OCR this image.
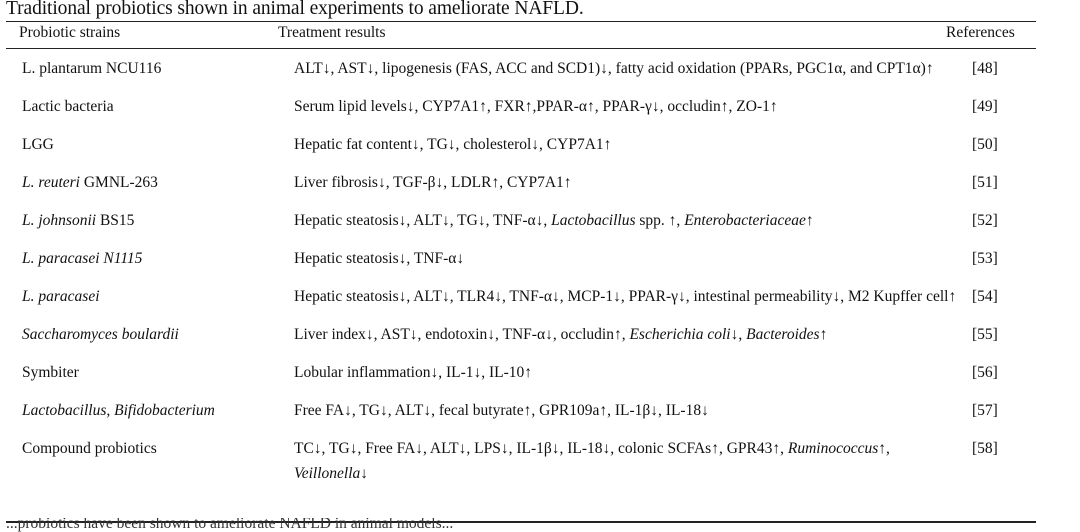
Traditional probiotics shown in animal experiments to ameliorate NAFLD.
Probiotic strains	Treatment results	References
L. plantarum NCU116	ALT↓, AST↓, lipogenesis (FAS, ACC and SCD1)↓, fatty acid oxidation (PPARs, PGC1α, and CPT1α)↑	[48]
Lactic bacteria	Serum lipid levels↓, CYP7A1↑, FXR↑,PPAR-α↑, PPAR-γ↓, occludin↑, ZO-1↑	[49]
LGG	Hepatic fat content↓, TG↓, cholesterol↓, CYP7A1↑	[50]
L. reuteri GMNL-263	Liver fibrosis↓, TGF-β↓, LDLR↑, CYP7A1↑	[51]
L. johnsonii BS15	Hepatic steatosis↓, ALT↓, TG↓, TNF-α↓, Lactobacillus spp. ↑, Enterobacteriaceae↑	[52]
L. paracasei N1115	Hepatic steatosis↓, TNF-α↓	[53]
L. paracasei	Hepatic steatosis↓, ALT↓, TLR4↓, TNF-α↓, MCP-1↓, PPAR-γ↓, intestinal permeability↓, M2 Kupffer cell↑	[54]
Saccharomyces boulardii	Liver index↓, AST↓, endotoxin↓, TNF-α↓, occludin↑, Escherichia coli↓, Bacteroides↑	[55]
Symbiter	Lobular inflammation↓, IL-1↓, IL-10↑	[56]
Lactobacillus, Bifidobacterium	Free FA↓, TG↓, ALT↓, fecal butyrate↑, GPR109a↑, IL-1β↓, IL-18↓	[57]
Compound probiotics	TC↓, TG↓, Free FA↓, ALT↓, LPS↓, IL-1β↓, IL-18↓, colonic SCFAs↑, GPR43↑, Ruminococcus↑, Veillonella↓	[58]
...probiotics have been shown to ameliorate NAFLD in animal models...
